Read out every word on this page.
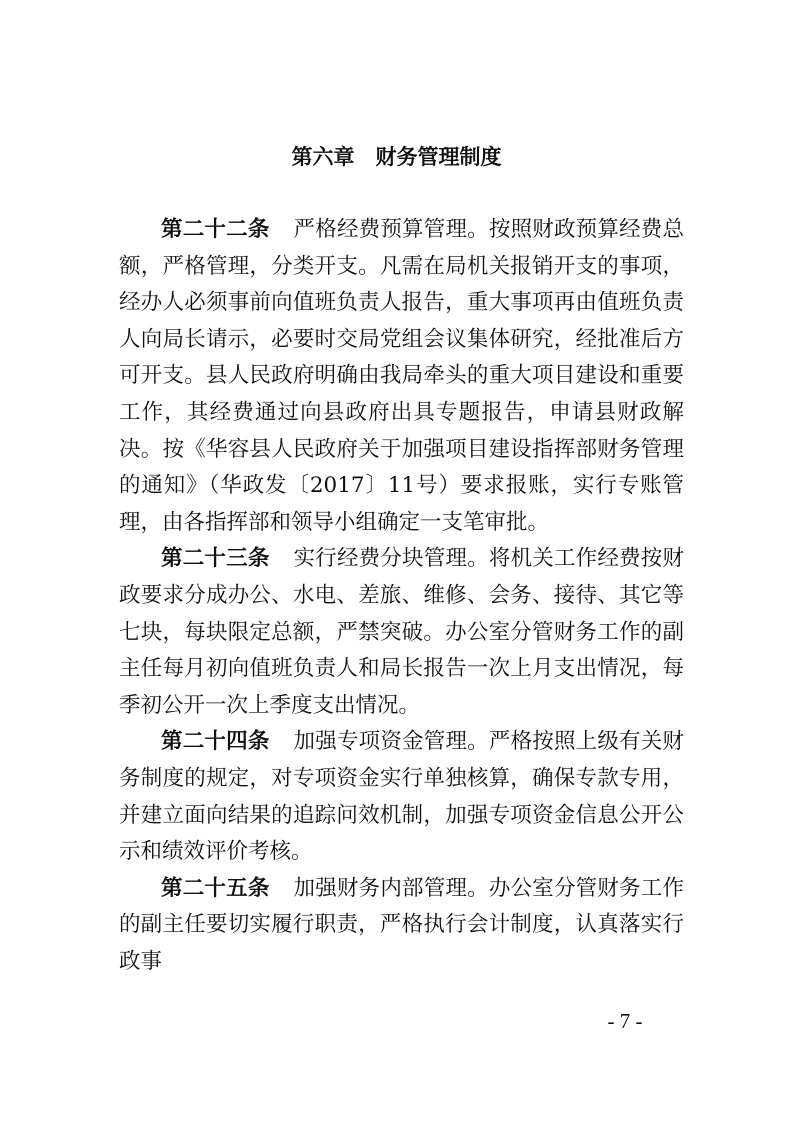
第六章　财务管理制度

第二十二条 严格经费预算管理。按照财政预算经费总额，严格管理，分类开支。凡需在局机关报销开支的事项，经办人必须事前向值班负责人报告，重大事项再由值班负责人向局长请示，必要时交局党组会议集体研究，经批准后方可开支。县人民政府明确由我局牵头的重大项目建设和重要工作，其经费通过向县政府出具专题报告，申请县财政解决。按《华容县人民政府关于加强项目建设指挥部财务管理的通知》（华政发〔2017〕11号）要求报账，实行专账管理，由各指挥部和领导小组确定一支笔审批。

第二十三条 实行经费分块管理。将机关工作经费按财政要求分成办公、水电、差旅、维修、会务、接待、其它等七块，每块限定总额，严禁突破。办公室分管财务工作的副主任每月初向值班负责人和局长报告一次上月支出情况，每季初公开一次上季度支出情况。

第二十四条 加强专项资金管理。严格按照上级有关财务制度的规定，对专项资金实行单独核算，确保专款专用，并建立面向结果的追踪问效机制，加强专项资金信息公开公示和绩效评价考核。

第二十五条 加强财务内部管理。办公室分管财务工作的副主任要切实履行职责，严格执行会计制度，认真落实行政事

- 7 -
